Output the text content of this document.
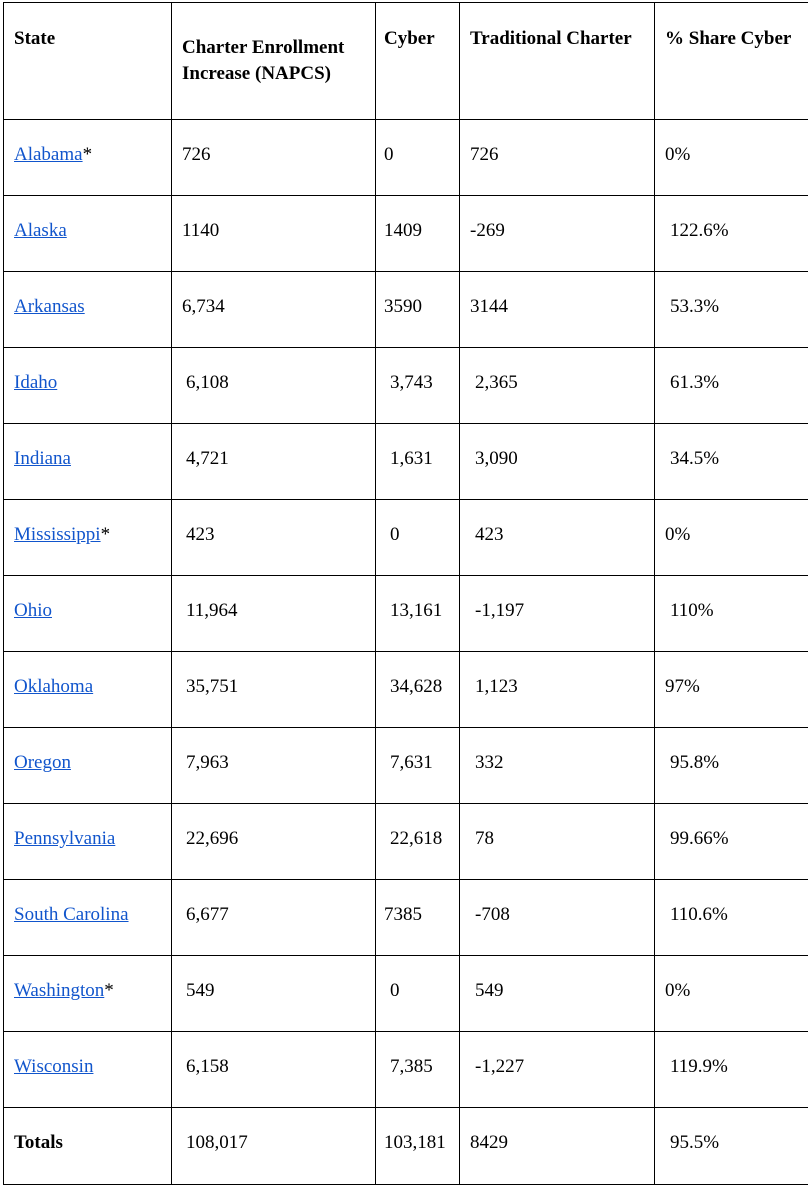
State	Charter Enrollment Increase (NAPCS)	Cyber	Traditional Charter	% Share Cyber
Alabama*	726	0	726	0%
Alaska	1140	1409	-269	122.6%
Arkansas	6,734	3590	3144	53.3%
Idaho	6,108	3,743	2,365	61.3%
Indiana	4,721	1,631	3,090	34.5%
Mississippi*	423	0	423	0%
Ohio	11,964	13,161	-1,197	110%
Oklahoma	35,751	34,628	1,123	97%
Oregon	7,963	7,631	332	95.8%
Pennsylvania	22,696	22,618	78	99.66%
South Carolina	6,677	7385	-708	110.6%
Washington*	549	0	549	0%
Wisconsin	6,158	7,385	-1,227	119.9%
Totals	108,017	103,181	8429	95.5%
